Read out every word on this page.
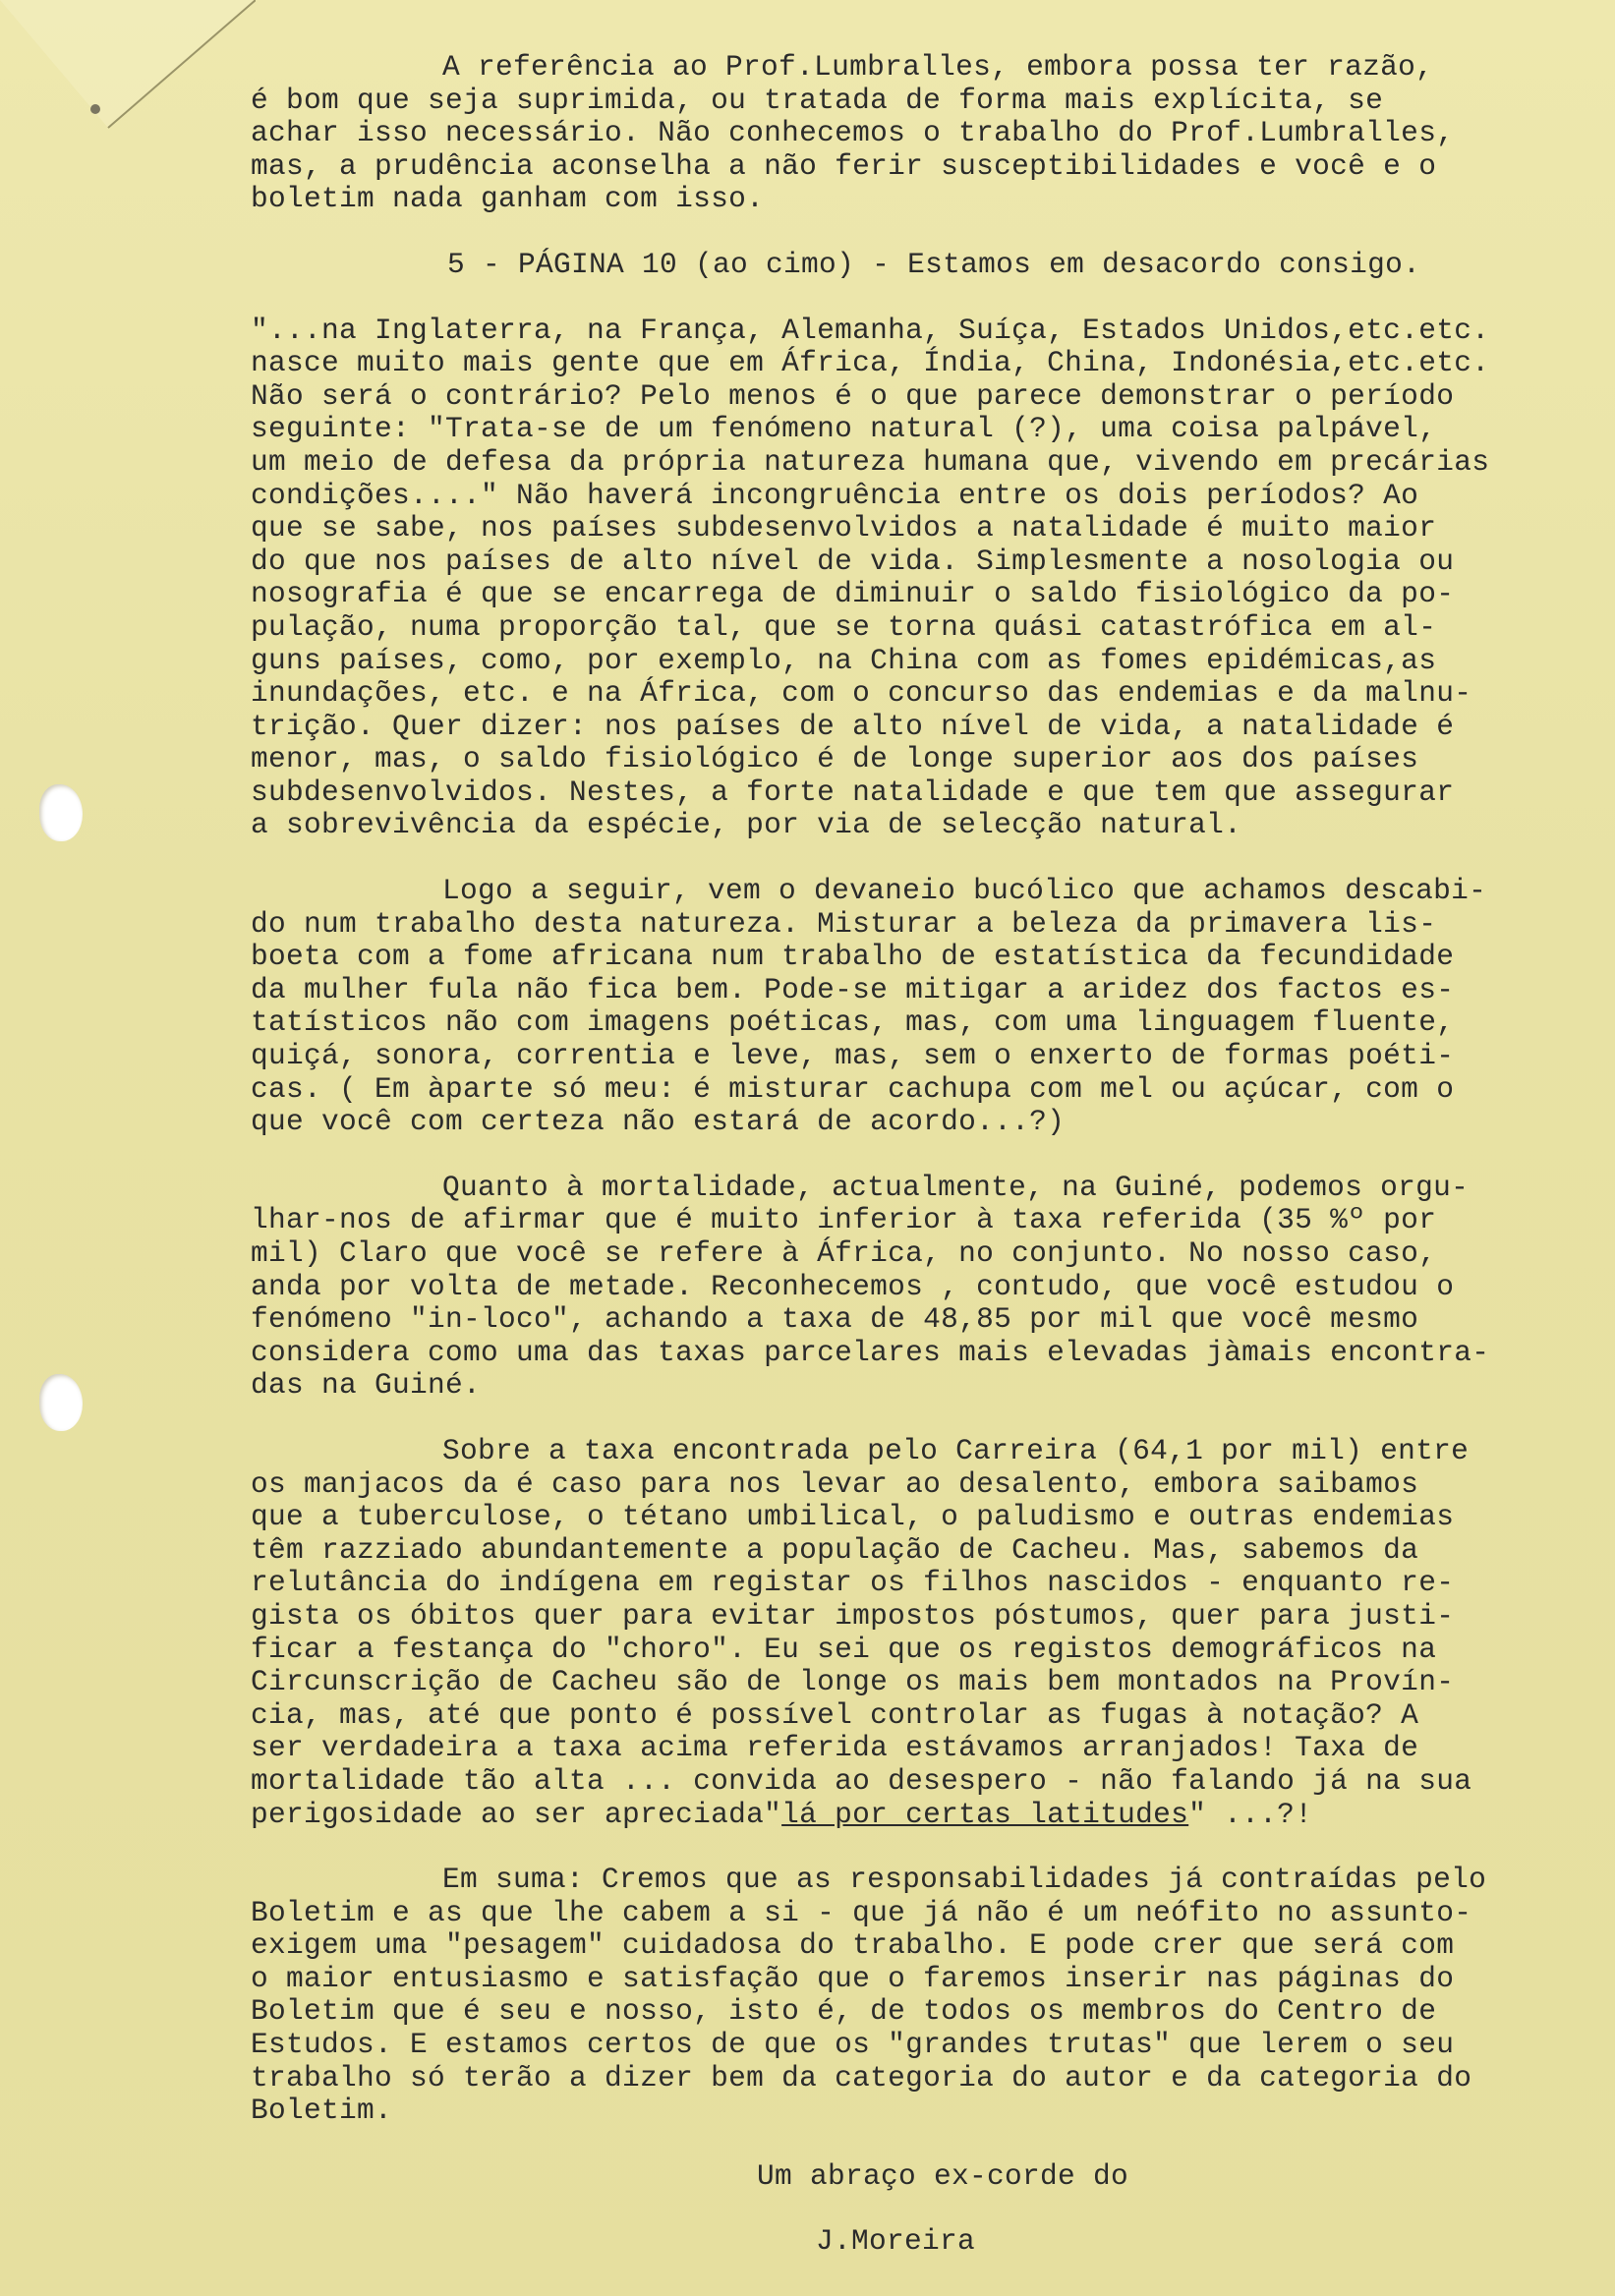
A referência ao Prof.Lumbralles, embora possa ter razão,
é bom que seja suprimida, ou tratada de forma mais explícita, se
achar isso necessário. Não conhecemos o trabalho do Prof.Lumbralles,
mas, a prudência aconselha a não ferir susceptibilidades e você e o
boletim nada ganham com isso.
5 - PÁGINA 10 (ao cimo) - Estamos em desacordo consigo.
"...na Inglaterra, na França, Alemanha, Suíça, Estados Unidos,etc.etc.
nasce muito mais gente que em África, Índia, China, Indonésia,etc.etc.
Não será o contrário? Pelo menos é o que parece demonstrar o período
seguinte: "Trata-se de um fenómeno natural (?), uma coisa palpável,
um meio de defesa da própria natureza humana que, vivendo em precárias
condições...." Não haverá incongruência entre os dois períodos? Ao
que se sabe, nos países subdesenvolvidos a natalidade é muito maior
do que nos países de alto nível de vida. Simplesmente a nosologia ou
nosografia é que se encarrega de diminuir o saldo fisiológico da po-
pulação, numa proporção tal, que se torna quási catastrófica em al-
guns países, como, por exemplo, na China com as fomes epidémicas,as
inundações, etc. e na África, com o concurso das endemias e da malnu-
trição. Quer dizer: nos países de alto nível de vida, a natalidade é
menor, mas, o saldo fisiológico é de longe superior aos dos países
subdesenvolvidos. Nestes, a forte natalidade e que tem que assegurar
a sobrevivência da espécie, por via de selecção natural.
Logo a seguir, vem o devaneio bucólico que achamos descabi-
do num trabalho desta natureza. Misturar a beleza da primavera lis-
boeta com a fome africana num trabalho de estatística da fecundidade
da mulher fula não fica bem. Pode-se mitigar a aridez dos factos es-
tatísticos não com imagens poéticas, mas, com uma linguagem fluente,
quiçá, sonora, correntia e leve, mas, sem o enxerto de formas poéti-
cas. ( Em àparte só meu: é misturar cachupa com mel ou açúcar, com o
que você com certeza não estará de acordo...?)
Quanto à mortalidade, actualmente, na Guiné, podemos orgu-
lhar-nos de afirmar que é muito inferior à taxa referida (35 %º por
mil) Claro que você se refere à África, no conjunto. No nosso caso,
anda por volta de metade. Reconhecemos , contudo, que você estudou o
fenómeno "in-loco", achando a taxa de 48,85 por mil que você mesmo
considera como uma das taxas parcelares mais elevadas jàmais encontra-
das na Guiné.
Sobre a taxa encontrada pelo Carreira (64,1 por mil) entre
os manjacos da é caso para nos levar ao desalento, embora saibamos
que a tuberculose, o tétano umbilical, o paludismo e outras endemias
têm razziado abundantemente a população de Cacheu. Mas, sabemos da
relutância do indígena em registar os filhos nascidos - enquanto re-
gista os óbitos quer para evitar impostos póstumos, quer para justi-
ficar a festança do "choro". Eu sei que os registos demográficos na
Circunscrição de Cacheu são de longe os mais bem montados na Provín-
cia, mas, até que ponto é possível controlar as fugas à notação? A
ser verdadeira a taxa acima referida estávamos arranjados! Taxa de
mortalidade tão alta ... convida ao desespero - não falando já na sua
perigosidade ao ser apreciada"lá por certas latitudes" ...?!
Em suma: Cremos que as responsabilidades já contraídas pelo
Boletim e as que lhe cabem a si - que já não é um neófito no assunto-
exigem uma "pesagem" cuidadosa do trabalho. E pode crer que será com
o maior entusiasmo e satisfação que o faremos inserir nas páginas do
Boletim que é seu e nosso, isto é, de todos os membros do Centro de
Estudos. E estamos certos de que os "grandes trutas" que lerem o seu
trabalho só terão a dizer bem da categoria do autor e da categoria do
Boletim.
Um abraço ex-corde do
J.Moreira
